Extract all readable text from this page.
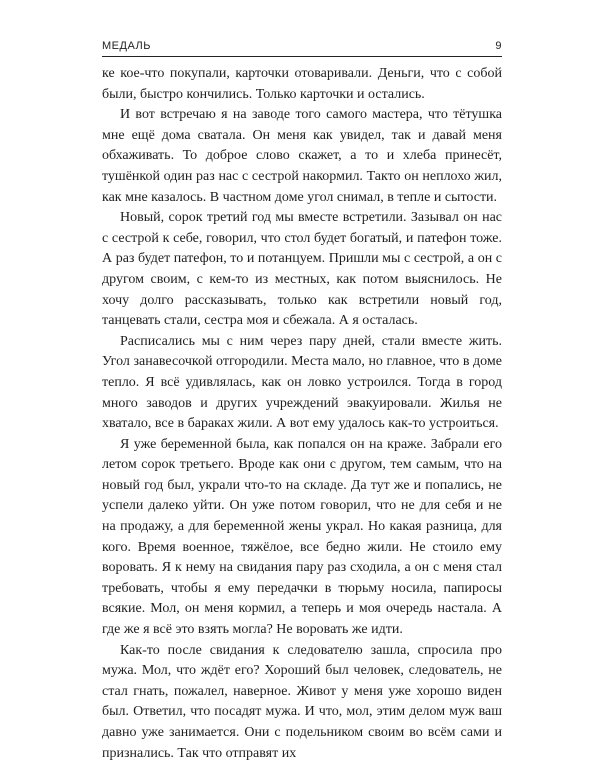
МЕДАЛЬ	9

ке кое-что покупали, карточки отоваривали. Деньги, что с собой были, быстро кончились. Только карточки и остались.

И вот встречаю я на заводе того самого мастера, что тётушка мне ещё дома сватала. Он меня как увидел, так и давай меня обхаживать. То доброе слово скажет, а то и хлеба принесёт, тушёнкой один раз нас с сестрой накормил. Такто он неплохо жил, как мне казалось. В частном доме угол снимал, в тепле и сытости.

Новый, сорок третий год мы вместе встретили. Зазывал он нас с сестрой к себе, говорил, что стол будет богатый, и патефон тоже. А раз будет патефон, то и потанцуем. Пришли мы с сестрой, а он с другом своим, с кем-то из местных, как потом выяснилось. Не хочу долго рассказывать, только как встретили новый год, танцевать стали, сестра моя и сбежала. А я осталась.

Расписались мы с ним через пару дней, стали вместе жить. Угол занавесочкой отгородили. Места мало, но главное, что в доме тепло. Я всё удивлялась, как он ловко устроился. Тогда в город много заводов и других учреждений эвакуировали. Жилья не хватало, все в бараках жили. А вот ему удалось как-то устроиться.

Я уже беременной была, как попался он на краже. Забрали его летом сорок третьего. Вроде как они с другом, тем самым, что на новый год был, украли что-то на складе. Да тут же и попались, не успели далеко уйти. Он уже потом говорил, что не для себя и не на продажу, а для беременной жены украл. Но какая разница, для кого. Время военное, тяжёлое, все бедно жили. Не стоило ему воровать. Я к нему на свидания пару раз сходила, а он с меня стал требовать, чтобы я ему передачки в тюрьму носила, папиросы всякие. Мол, он меня кормил, а теперь и моя очередь настала. А где же я всё это взять могла? Не воровать же идти.

Как-то после свидания к следователю зашла, спросила про мужа. Мол, что ждёт его? Хороший был человек, следователь, не стал гнать, пожалел, наверное. Живот у меня уже хорошо виден был. Ответил, что посадят мужа. И что, мол, этим делом муж ваш давно уже занимается. Они с подельником своим во всём сами и признались. Так что отправят их
